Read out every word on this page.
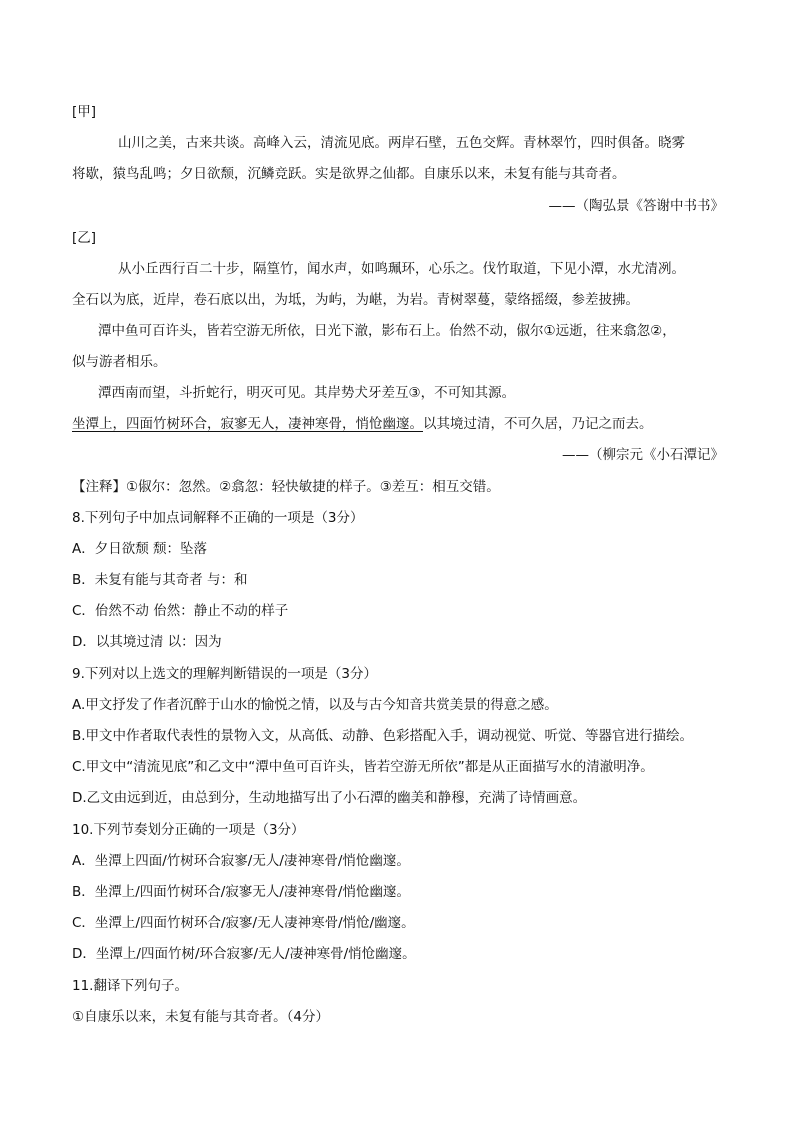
[甲]
山川之美，古来共谈。高峰入云，清流见底。两岸石壁，五色交辉。青林翠竹，四时俱备。晓雾
将歇，猿鸟乱鸣；夕日欲颓，沉鳞竞跃。实是欲界之仙都。自康乐以来，未复有能与其奇者。
——（陶弘景《答谢中书书》
[乙]
从小丘西行百二十步，隔篁竹，闻水声，如鸣珮环，心乐之。伐竹取道，下见小潭，水尤清冽。
全石以为底，近岸，卷石底以出，为坻，为屿，为嵁，为岩。青树翠蔓，蒙络摇缀，参差披拂。
潭中鱼可百许头，皆若空游无所依，日光下澈，影布石上。佁然不动，俶尔①远逝，往来翕忽②，
似与游者相乐。
潭西南而望，斗折蛇行，明灭可见。其岸势犬牙差互③，不可知其源。
坐潭上，四面竹树环合，寂寥无人，凄神寒骨，悄怆幽邃。以其境过清，不可久居，乃记之而去。
——（柳宗元《小石潭记》
【注释】①俶尔：忽然。②翕忽：轻快敏捷的样子。③差互：相互交错。
8.下列句子中加点词解释不正确的一项是（3分）
A．夕日欲颓 颓：坠落
B．未复有能与其奇者 与：和
C．佁然不动 佁然：静止不动的样子
D．以其境过清 以：因为
9.下列对以上选文的理解判断错误的一项是（3分）
A.甲文抒发了作者沉醉于山水的愉悦之情，以及与古今知音共赏美景的得意之感。
B.甲文中作者取代表性的景物入文，从高低、动静、色彩搭配入手，调动视觉、听觉、等器官进行描绘。
C.甲文中“清流见底”和乙文中“潭中鱼可百许头，皆若空游无所依”都是从正面描写水的清澈明净。
D.乙文由远到近，由总到分，生动地描写出了小石潭的幽美和静穆，充满了诗情画意。
10.下列节奏划分正确的一项是（3分）
A．坐潭上四面/竹树环合寂寥/无人/凄神寒骨/悄怆幽邃。
B．坐潭上/四面竹树环合/寂寥无人/凄神寒骨/悄怆幽邃。
C．坐潭上/四面竹树环合/寂寥/无人凄神寒骨/悄怆/幽邃。
D．坐潭上/四面竹树/环合寂寥/无人/凄神寒骨/悄怆幽邃。
11.翻译下列句子。
①自康乐以来，未复有能与其奇者。（4分）
